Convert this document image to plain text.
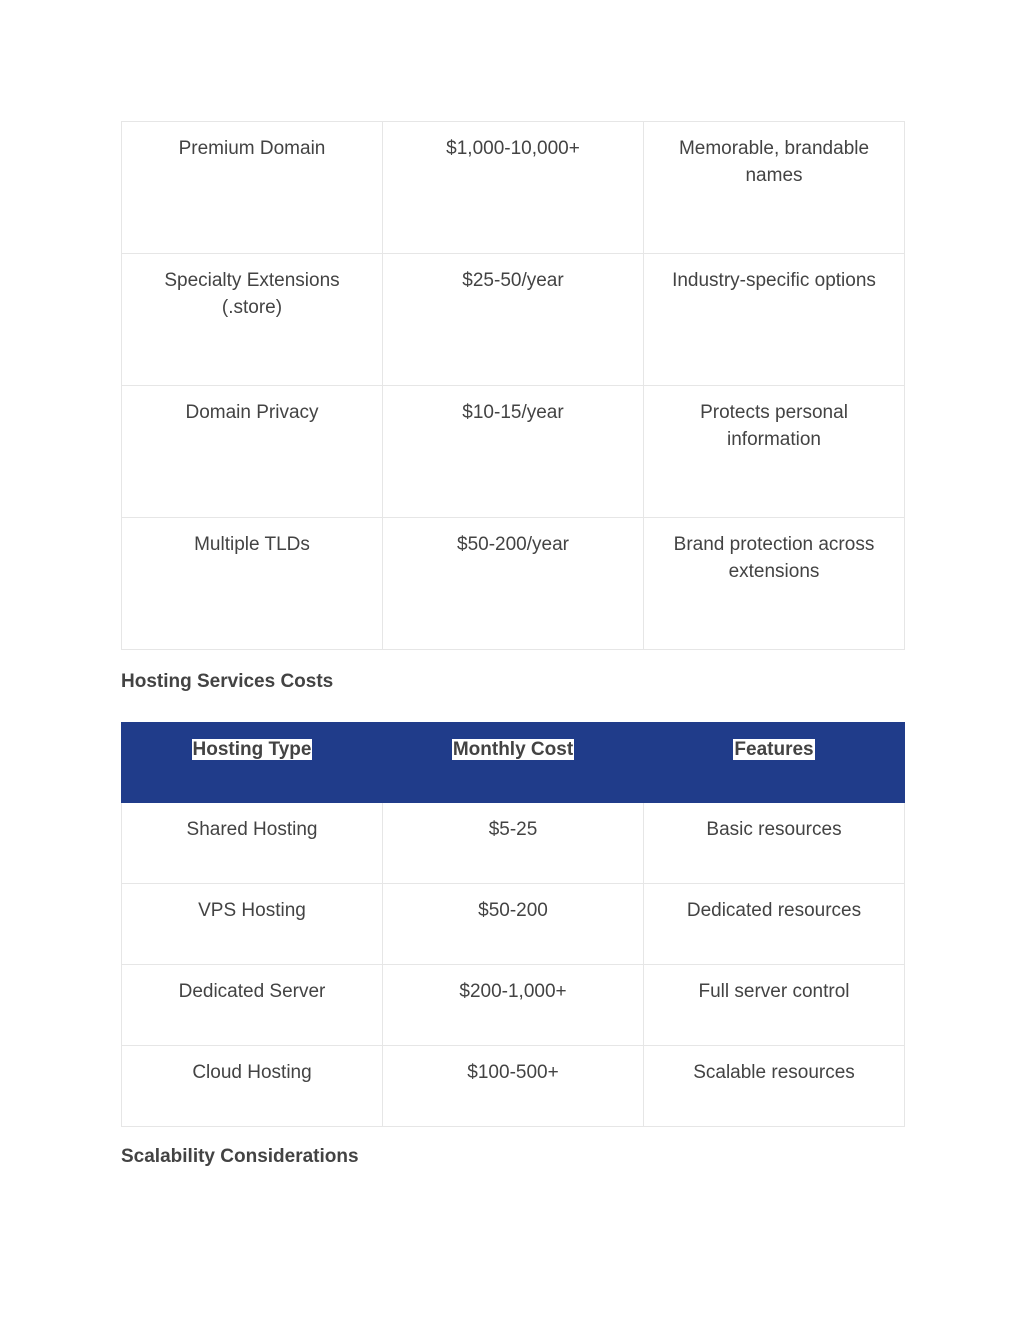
Premium Domain	$1,000-10,000+	Memorable, brandable names
Specialty Extensions (.store)	$25-50/year	Industry-specific options
Domain Privacy	$10-15/year	Protects personal information
Multiple TLDs	$50-200/year	Brand protection across extensions
Hosting Services Costs
Hosting Type	Monthly Cost	Features
Shared Hosting	$5-25	Basic resources
VPS Hosting	$50-200	Dedicated resources
Dedicated Server	$200-1,000+	Full server control
Cloud Hosting	$100-500+	Scalable resources
Scalability Considerations
